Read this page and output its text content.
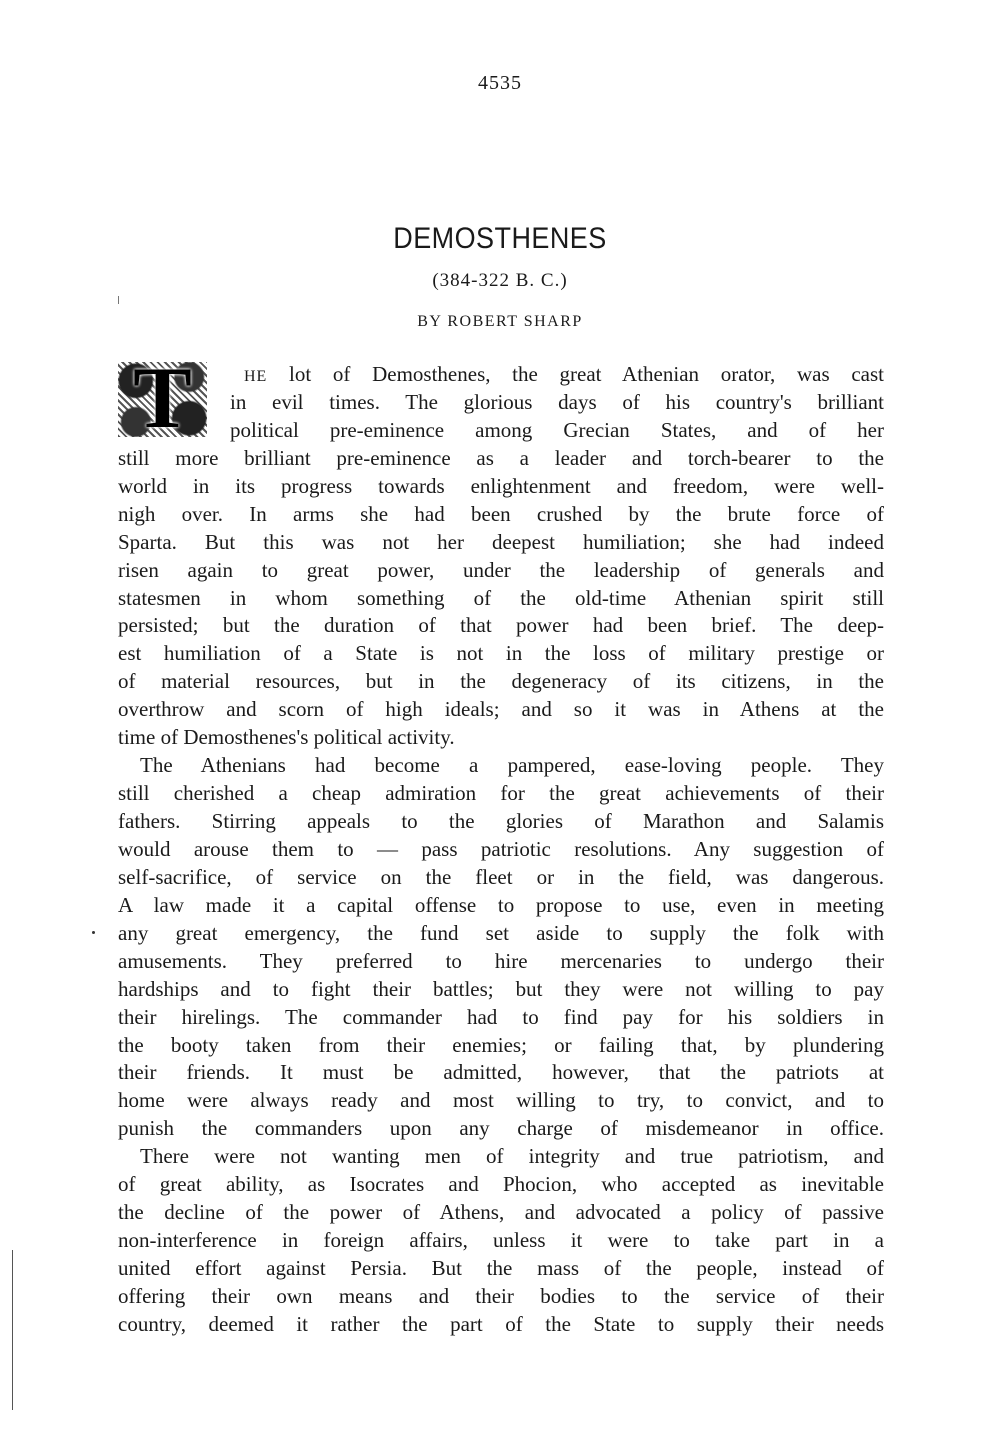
4535
DEMOSTHENES
(384-322 B. C.)
BY ROBERT SHARP
T	HE lot of Demosthenes, the great Athenian orator, was cast
in evil times. The glorious days of his country's brilliant
political pre-eminence among Grecian States, and of her
still more brilliant pre-eminence as a leader and torch-bearer to the
world in its progress towards enlightenment and freedom, were well-
nigh over. In arms she had been crushed by the brute force of
Sparta. But this was not her deepest humiliation; she had indeed
risen again to great power, under the leadership of generals and
statesmen in whom something of the old-time Athenian spirit still
persisted; but the duration of that power had been brief. The deep-
est humiliation of a State is not in the loss of military prestige or
of material resources, but in the degeneracy of its citizens, in the
overthrow and scorn of high ideals; and so it was in Athens at the
time of Demosthenes's political activity.
The Athenians had become a pampered, ease-loving people. They
still cherished a cheap admiration for the great achievements of their
fathers. Stirring appeals to the glories of Marathon and Salamis
would arouse them to — pass patriotic resolutions. Any suggestion of
self-sacrifice, of service on the fleet or in the field, was dangerous.
A law made it a capital offense to propose to use, even in meeting
any great emergency, the fund set aside to supply the folk with
amusements. They preferred to hire mercenaries to undergo their
hardships and to fight their battles; but they were not willing to pay
their hirelings. The commander had to find pay for his soldiers in
the booty taken from their enemies; or failing that, by plundering
their friends. It must be admitted, however, that the patriots at
home were always ready and most willing to try, to convict, and to
punish the commanders upon any charge of misdemeanor in office.
There were not wanting men of integrity and true patriotism, and
of great ability, as Isocrates and Phocion, who accepted as inevitable
the decline of the power of Athens, and advocated a policy of passive
non-interference in foreign affairs, unless it were to take part in a
united effort against Persia. But the mass of the people, instead of
offering their own means and their bodies to the service of their
country, deemed it rather the part of the State to supply their needs
